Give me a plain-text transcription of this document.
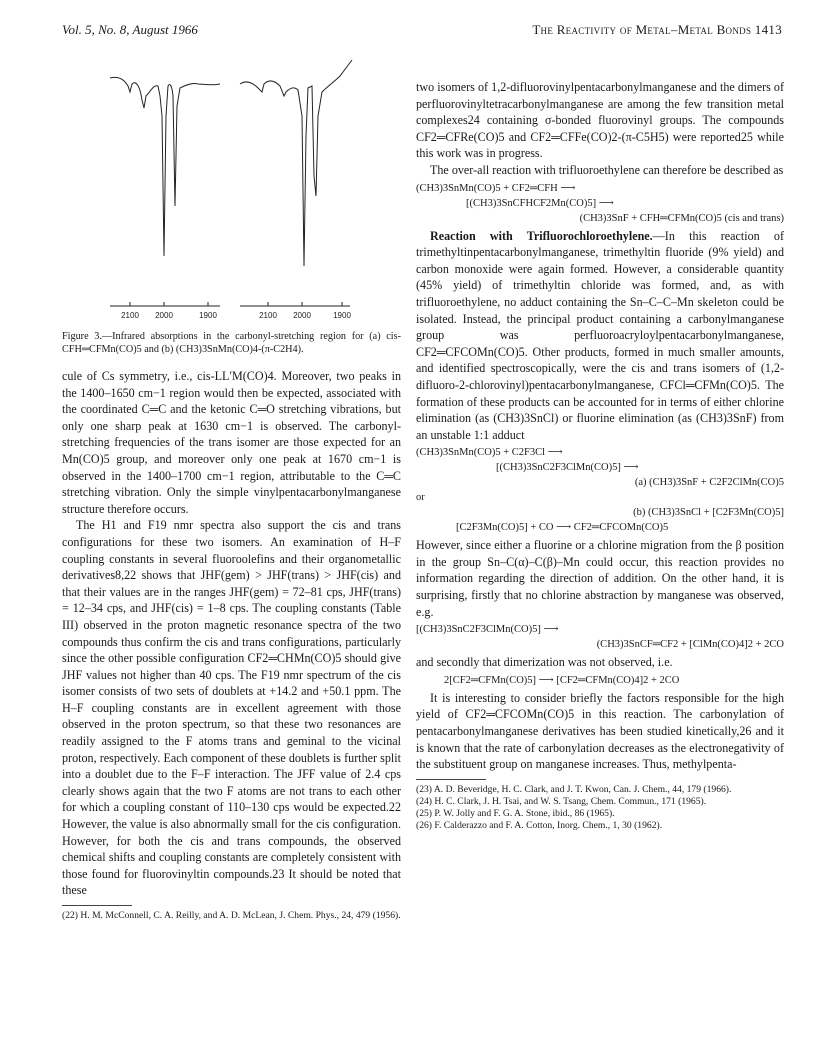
Vol. 5, No. 8, August 1966	The Reactivity of Metal–Metal Bonds 1413
2100 2000	1900	2100 2000	1900

Figure 3.—Infrared absorptions in the carbonyl-stretching region for (a) cis-CFH═CFMn(CO)5 and (b) (CH3)3SnMn(CO)4-(π-C2H4).

cule of Cs symmetry, i.e., cis-LL′M(CO)4. Moreover, two peaks in the 1400–1650 cm−1 region would then be expected, associated with the coordinated C═C and the ketonic C═O stretching vibrations, but only one sharp peak at 1630 cm−1 is observed. The carbonyl-stretching frequencies of the trans isomer are those expected for an Mn(CO)5 group, and moreover only one peak at 1670 cm−1 is observed in the 1400–1700 cm−1 region, attributable to the C═C stretching vibration. Only the simple vinylpentacarbonylmanganese structure therefore occurs.

The H1 and F19 nmr spectra also support the cis and trans configurations for these two isomers. An examination of H–F coupling constants in several fluoroolefins and their organometallic derivatives8,22 shows that JHF(gem) > JHF(trans) > JHF(cis) and that their values are in the ranges JHF(gem) = 72–81 cps, JHF(trans) = 12–34 cps, and JHF(cis) = 1–8 cps. The coupling constants (Table III) observed in the proton magnetic resonance spectra of the two compounds thus confirm the cis and trans configurations, particularly since the other possible configuration CF2═CHMn(CO)5 should give JHF values not higher than 40 cps. The F19 nmr spectrum of the cis isomer consists of two sets of doublets at +14.2 and +50.1 ppm. The H–F coupling constants are in excellent agreement with those observed in the proton spectrum, so that these two resonances are readily assigned to the F atoms trans and geminal to the vicinal proton, respectively. Each component of these doublets is further split into a doublet due to the F–F interaction. The JFF value of 2.4 cps clearly shows again that the two F atoms are not trans to each other for which a coupling constant of 110–130 cps would be expected.22 However, the value is also abnormally small for the cis configuration. However, for both the cis and trans compounds, the observed chemical shifts and coupling constants are completely consistent with those found for fluorovinyltin compounds.23 It should be noted that these

(22) H. M. McConnell, C. A. Reilly, and A. D. McLean, J. Chem. Phys., 24, 479 (1956).

two isomers of 1,2-difluorovinylpentacarbonylmanganese and the dimers of perfluorovinyltetracarbonylmanganese are among the few transition metal complexes24 containing σ-bonded fluorovinyl groups. The compounds CF2═CFRe(CO)5 and CF2═CFFe(CO)2-(π-C5H5) were reported25 while this work was in progress.

The over-all reaction with trifluoroethylene can therefore be described as

(CH3)3SnMn(CO)5 + CF2═CFH ⟶
[(CH3)3SnCFHCF2Mn(CO)5] ⟶
(CH3)3SnF + CFH═CFMn(CO)5 (cis and trans)

Reaction with Trifluorochloroethylene.—In this reaction of trimethyltinpentacarbonylmanganese, trimethyltin fluoride (9% yield) and carbon monoxide were again formed. However, a considerable quantity (45% yield) of trimethyltin chloride was formed, and, as with trifluoroethylene, no adduct containing the Sn–C–C–Mn skeleton could be isolated. Instead, the principal product containing a carbonylmanganese group was perfluoroacryloylpentacarbonylmanganese, CF2═CFCOMn(CO)5. Other products, formed in much smaller amounts, and identified spectroscopically, were the cis and trans isomers of (1,2-difluoro-2-chlorovinyl)pentacarbonylmanganese, CFCl═CFMn(CO)5. The formation of these products can be accounted for in terms of either chlorine elimination (as (CH3)3SnCl) or fluorine elimination (as (CH3)3SnF) from an unstable 1:1 adduct

(CH3)3SnMn(CO)5 + C2F3Cl ⟶
[(CH3)3SnC2F3ClMn(CO)5] ⟶
(a) (CH3)3SnF + C2F2ClMn(CO)5
or
(b) (CH3)3SnCl + [C2F3Mn(CO)5]
[C2F3Mn(CO)5] + CO ⟶ CF2═CFCOMn(CO)5

However, since either a fluorine or a chlorine migration from the β position in the group Sn–C(α)–C(β)–Mn could occur, this reaction provides no information regarding the direction of addition. On the other hand, it is surprising, firstly that no chlorine abstraction by manganese was observed, e.g.

[(CH3)3SnC2F3ClMn(CO)5] ⟶
(CH3)3SnCF═CF2 + [ClMn(CO)4]2 + 2CO

and secondly that dimerization was not observed, i.e.

2[CF2═CFMn(CO)5] ⟶ [CF2═CFMn(CO)4]2 + 2CO

It is interesting to consider briefly the factors responsible for the high yield of CF2═CFCOMn(CO)5 in this reaction. The carbonylation of pentacarbonylmanganese derivatives has been studied kinetically,26 and it is known that the rate of carbonylation decreases as the electronegativity of the substituent group on manganese increases. Thus, methylpenta-

(23) A. D. Beveridge, H. C. Clark, and J. T. Kwon, Can. J. Chem., 44, 179 (1966).

(24) H. C. Clark, J. H. Tsai, and W. S. Tsang, Chem. Commun., 171 (1965).

(25) P. W. Jolly and F. G. A. Stone, ibid., 86 (1965).

(26) F. Calderazzo and F. A. Cotton, Inorg. Chem., 1, 30 (1962).
